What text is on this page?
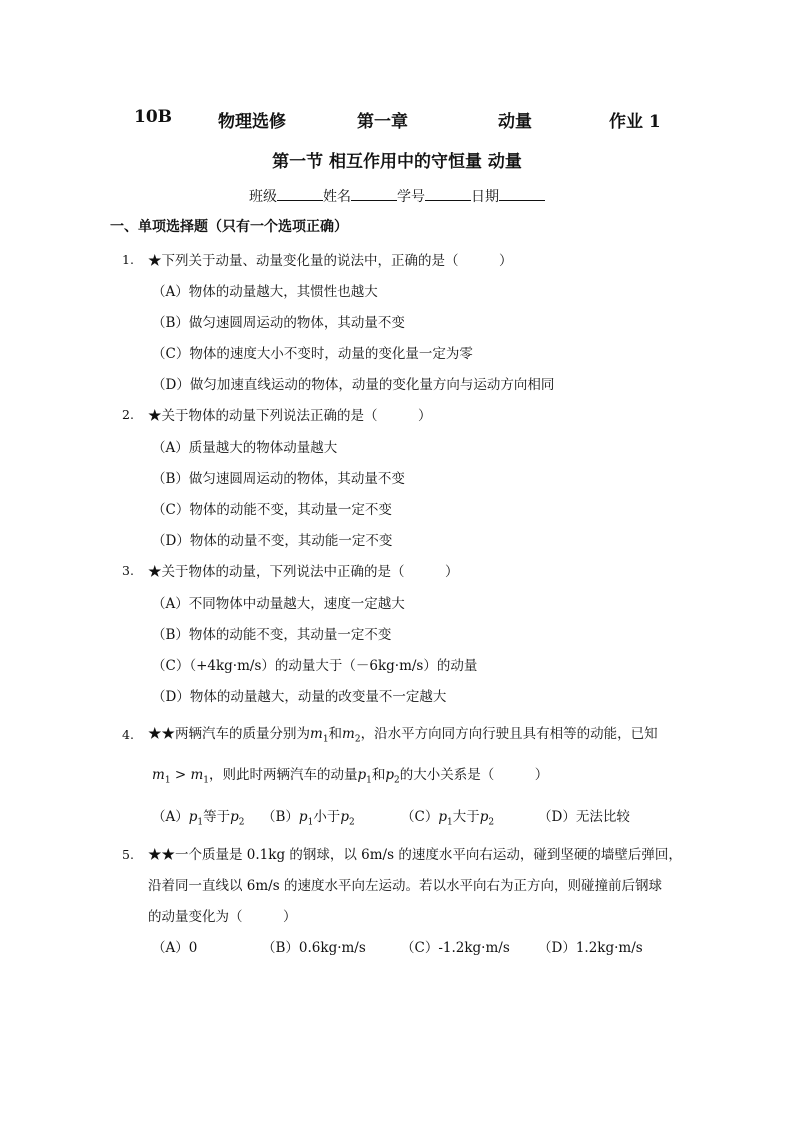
10B	物理选修	第一章	动量	作业 1
第一节 相互作用中的守恒量 动量
班级	姓名	学号	日期
一、单项选择题（只有一个选项正确）
1. ★下列关于动量、动量变化量的说法中，正确的是（　　　）
（A）物体的动量越大，其惯性也越大
（B）做匀速圆周运动的物体，其动量不变
（C）物体的速度大小不变时，动量的变化量一定为零
（D）做匀加速直线运动的物体，动量的变化量方向与运动方向相同
2. ★关于物体的动量下列说法正确的是（　　　）
（A）质量越大的物体动量越大
（B）做匀速圆周运动的物体，其动量不变
（C）物体的动能不变，其动量一定不变
（D）物体的动量不变，其动能一定不变
3. ★关于物体的动量，下列说法中正确的是（　　　）
（A）不同物体中动量越大，速度一定越大
（B）物体的动能不变，其动量一定不变
（C）（+4kg·m/s）的动量大于（－6kg·m/s）的动量
（D）物体的动量越大，动量的改变量不一定越大
4. ★★两辆汽车的质量分别为$m_1$和$m_2$，沿水平方向同方向行驶且具有相等的动能，已知
$m_1 > m_1$，则此时两辆汽车的动量$p_1$和$p_2$的大小关系是（　　　）
$(A)p_1$等于$p_2$ $(B)p_1$小于$p_2$	$(C)p_1$大于$p_2$	（D）无法比较
5. ★★一个质量是 0.1kg 的钢球，以 6m/s 的速度水平向右运动，碰到坚硬的墙壁后弹回，
沿着同一直线以 6m/s 的速度水平向左运动。若以水平向右为正方向，则碰撞前后钢球
的动量变化为（　　　）
（A）0	（B）0.6kg·m/s	（C）-1.2kg·m/s （D）1.2kg·m/s
